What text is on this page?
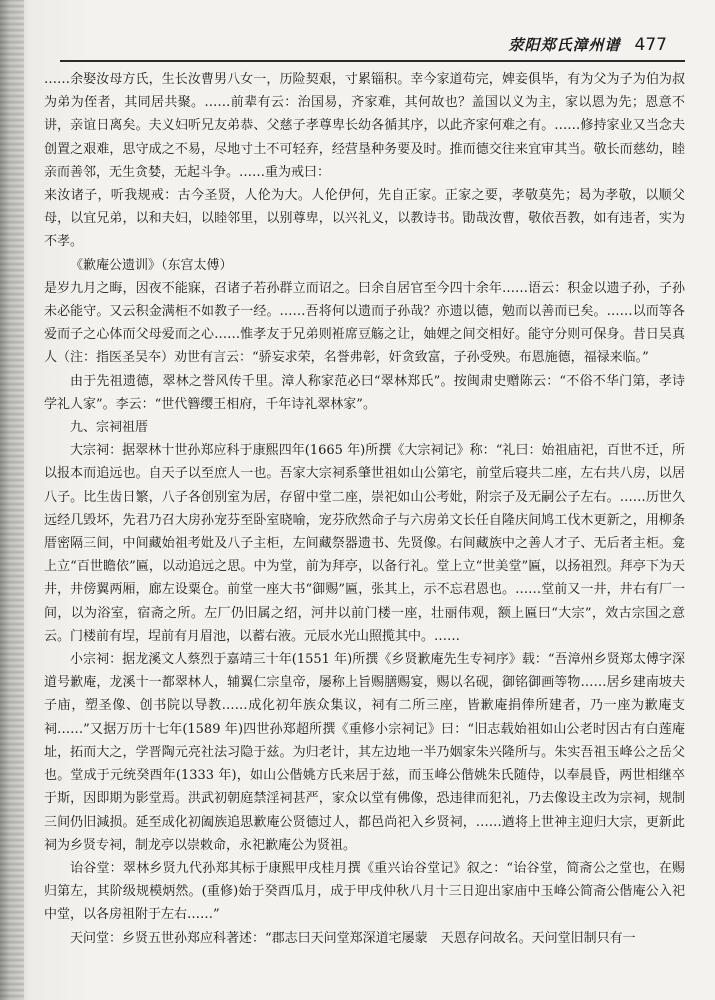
荥阳郑氏漳州谱 477

……余娶汝母方氏，生长汝曹男八女一，历险契艰，寸累锱积。幸今家道苟完，婢妾俱毕，有为父为子为伯为叔为弟为侄者，其同居共聚。……前辈有云：治国易，齐家难，其何故也？盖国以义为主，家以恩为先；恩意不讲，亲谊日离矣。夫义妇听兄友弟恭、父慈子孝尊卑长幼各循其序，以此齐家何难之有。……修持家业又当念夫创置之艰难，思守成之不易，尽地寸土不可轻弃，经营垦种务要及时。推而德交往来宜审其当。敬长而慈幼，睦亲而善邻，无生贪婪，无起斗争。……重为戒曰：

来汝诸子，听我规戒：古今圣贤，人伦为大。人伦伊何，先自正家。正家之要，孝敬莫先；曷为孝敬，以顺父母，以宜兄弟，以和夫妇，以睦邻里，以别尊卑，以兴礼义，以教诗书。勖哉汝曹，敬依吾教，如有违者，实为不孝。

《歉庵公遗训》（东宫太傅）

是岁九月之晦，因夜不能寐，召诸子若孙群立而诏之。曰余自居官至今四十余年……语云：积金以遗子孙，子孙未必能守。又云积金满柜不如教子一经。……吾将何以遗而子孙哉？亦遗以德，勉而以善而已矣。……以而等各爱而子之心体而父母爱而之心……惟孝友于兄弟则袵席豆觞之让，妯娌之间交相好。能守分则可保身。昔日吴真人（注：指医圣吴夲）劝世有言云：“骄妄求荣，名誉弗彰，奸贪致富，子孙受殃。布恩施德，福禄来临。”

由于先祖遗德，翠林之誉风传千里。漳人称家范必曰“翠林郑氏”。按闽肃史赠陈云：“不俗不华门第，孝诗学礼人家”。李云：“世代簪缨王相府，千年诗礼翠林家”。

九、宗祠祖厝

大宗祠：据翠林十世孙郑应科于康熙四年(1665 年)所撰《大宗祠记》称：“礼曰：始祖庙祀，百世不迁，所以报本而追远也。自天子以至庶人一也。吾家大宗祠系肇世祖如山公第宅，前堂后寝共二座，左右共八房，以居八子。比生齿日繁，八子各创别室为居，存留中堂二座，崇祀如山公考妣，附宗子及无嗣公子左右。……历世久远经几毁坏，先君乃召大房孙宠芬至卧室晓喻，宠芬欣然命子与六房弟文长任自隆庆间鸠工伐木更新之，用柳条厝密隔三间，中间藏始祖考妣及八子主柜，左间藏祭器遗书、先贤像。右间藏族中之善人才子、无后者主柜。龛上立“百世瞻依”匾，以动追远之思。中为堂，前为拜亭，以备行礼。堂上立“世美堂”匾，以扬祖烈。拜亭下为天井，井傍翼两厢，廊左设粟仓。前堂一座大书“御赐”匾，张其上，示不忘君恩也。……堂前又一井，井右有厂一间，以为浴室，宿斋之所。左厂仍旧属之绍，河井以前门楼一座，壮丽伟观，额上匾曰“大宗”，效古宗国之意云。门楼前有埕，埕前有月眉池，以蓄右液。元辰水光山照揽其中。……

小宗祠：据龙溪文人蔡烈于嘉靖三十年(1551 年)所撰《乡贤歉庵先生专祠序》载：“吾漳州乡贤郑太傅字深道号歉庵，龙溪十一都翠林人，辅翼仁宗皇帝，屡称上旨赐膳赐宴，赐以名砚，御铭御画等物……居乡建南坡夫子庙，塑圣像、创书院以导教……成化初年族众集议，祠有二所三座，皆歉庵捐俸所建者，乃一座为歉庵支祠……”又据万历十七年(1589 年)四世孙郑超所撰《重修小宗祠记》曰：“旧志载始祖如山公老时因古有白莲庵址，拓而大之，学晋陶元亮社法习隐于兹。为归老计，其左边地一半乃姻家朱兴隆所与。朱实吾祖玉峰公之岳父也。堂成于元统癸酉年(1333 年)，如山公偕姚方氏来居于兹，而玉峰公偕姚朱氏随侍，以奉晨昏，两世相继卒于斯，因即期为影堂焉。洪武初朝庭禁淫祠甚严，家众以堂有佛像，恐违律而犯礼，乃去像设主改为宗祠，规制三间仍旧減损。延至成化初阖族追思歉庵公贤德过人，都邑尚祀入乡贤祠，……遒将上世神主迎归大宗，更新此祠为乡贤专祠，制龙亭以崇敕命，永祀歉庵公为贤祖。

诒谷堂：翠林乡贤九代孙郑其标于康熙甲戌桂月撰《重兴诒谷堂记》叙之：“诒谷堂，简斋公之堂也，在赐归第左，其阶级规模炳然。(重修)始于癸酉瓜月，成于甲戌仲秋八月十三日迎出家庙中玉峰公简斋公偕庵公入祀中堂，以各房祖附于左右……”

天问堂：乡贤五世孙郑应科著述：“郡志曰天问堂郑深道宅屡蒙　天恩存问故名。天问堂旧制只有一
